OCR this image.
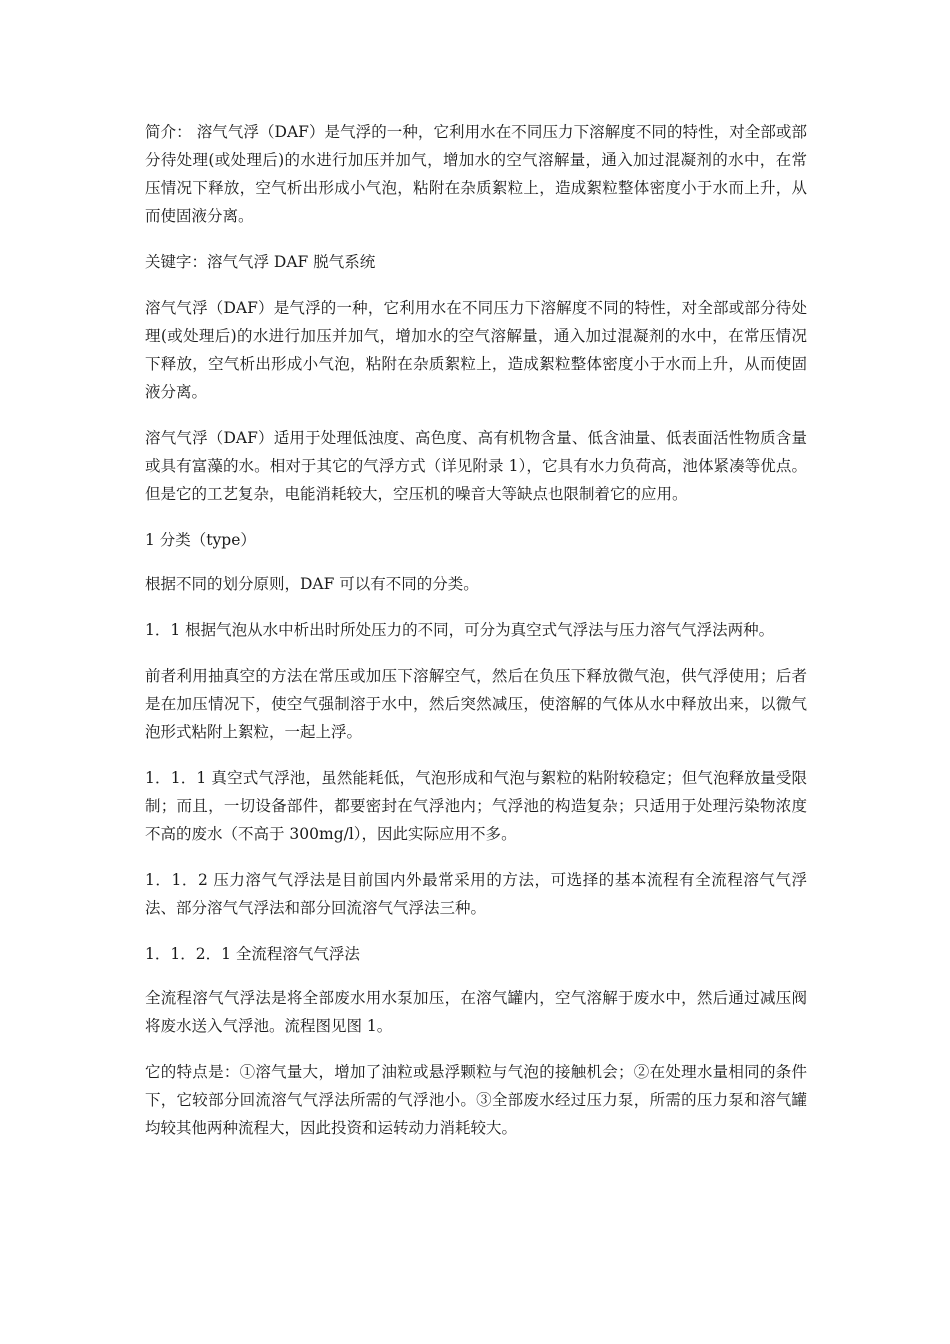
简介： 溶气气浮（DAF）是气浮的一种，它利用水在不同压力下溶解度不同的特性，对全部或部分待处理(或处理后)的水进行加压并加气，增加水的空气溶解量，通入加过混凝剂的水中，在常压情况下释放，空气析出形成小气泡，粘附在杂质絮粒上，造成絮粒整体密度小于水而上升，从而使固液分离。

关键字：溶气气浮 DAF 脱气系统

溶气气浮（DAF）是气浮的一种，它利用水在不同压力下溶解度不同的特性，对全部或部分待处理(或处理后)的水进行加压并加气，增加水的空气溶解量，通入加过混凝剂的水中，在常压情况下释放，空气析出形成小气泡，粘附在杂质絮粒上，造成絮粒整体密度小于水而上升，从而使固液分离。

溶气气浮（DAF）适用于处理低浊度、高色度、高有机物含量、低含油量、低表面活性物质含量或具有富藻的水。相对于其它的气浮方式（详见附录 1），它具有水力负荷高，池体紧凑等优点。但是它的工艺复杂，电能消耗较大，空压机的噪音大等缺点也限制着它的应用。

1 分类（type）

根据不同的划分原则，DAF 可以有不同的分类。

1．1 根据气泡从水中析出时所处压力的不同，可分为真空式气浮法与压力溶气气浮法两种。

前者利用抽真空的方法在常压或加压下溶解空气，然后在负压下释放微气泡，供气浮使用；后者是在加压情况下，使空气强制溶于水中，然后突然减压，使溶解的气体从水中释放出来，以微气泡形式粘附上絮粒，一起上浮。

1．1．1 真空式气浮池，虽然能耗低，气泡形成和气泡与絮粒的粘附较稳定；但气泡释放量受限制；而且，一切设备部件，都要密封在气浮池内；气浮池的构造复杂；只适用于处理污染物浓度不高的废水（不高于 300mg/l），因此实际应用不多。

1．1．2 压力溶气气浮法是目前国内外最常采用的方法，可选择的基本流程有全流程溶气气浮法、部分溶气气浮法和部分回流溶气气浮法三种。

1．1．2．1 全流程溶气气浮法

全流程溶气气浮法是将全部废水用水泵加压，在溶气罐内，空气溶解于废水中，然后通过减压阀将废水送入气浮池。流程图见图 1。

它的特点是：①溶气量大，增加了油粒或悬浮颗粒与气泡的接触机会；②在处理水量相同的条件下，它较部分回流溶气气浮法所需的气浮池小。③全部废水经过压力泵，所需的压力泵和溶气罐均较其他两种流程大，因此投资和运转动力消耗较大。
